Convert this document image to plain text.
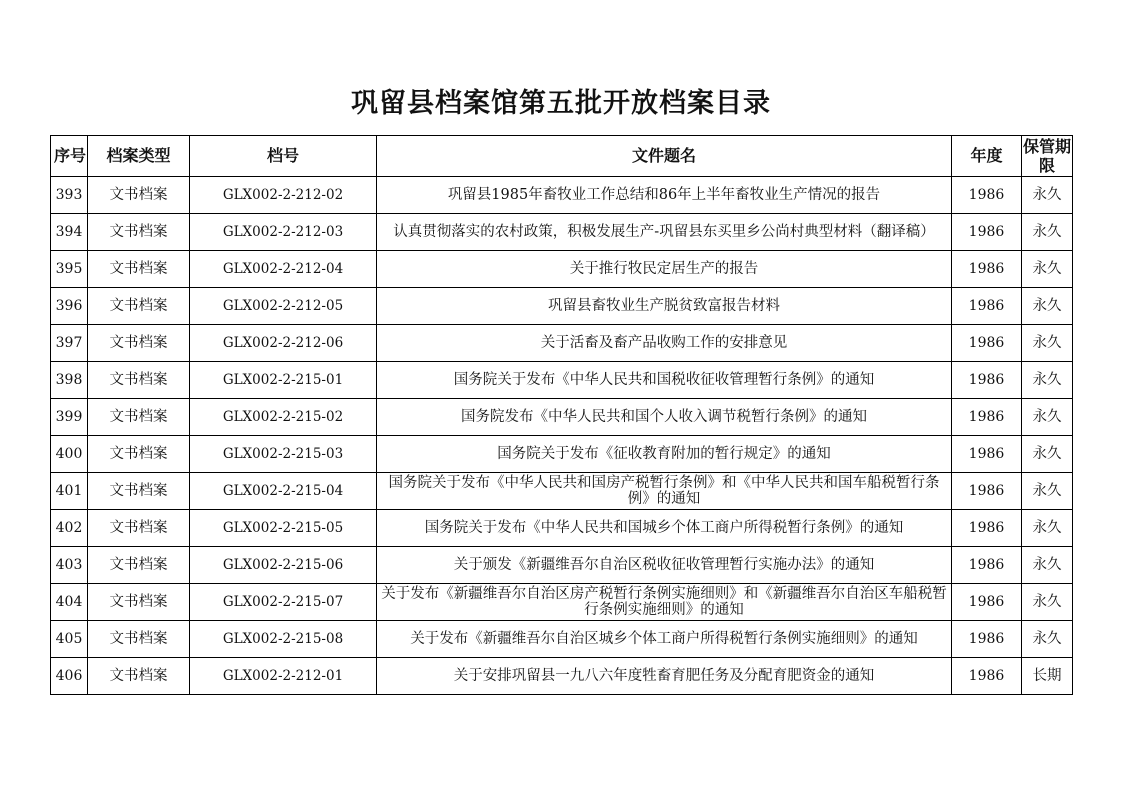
巩留县档案馆第五批开放档案目录
序号	档案类型	档号	文件题名	年度	保管期限
393	文书档案	GLX002-2-212-02	巩留县1985年畜牧业工作总结和86年上半年畜牧业生产情况的报告	1986	永久
394	文书档案	GLX002-2-212-03	认真贯彻落实的农村政策，积极发展生产-巩留县东买里乡公尚村典型材料（翻译稿）	1986	永久
395	文书档案	GLX002-2-212-04	关于推行牧民定居生产的报告	1986	永久
396	文书档案	GLX002-2-212-05	巩留县畜牧业生产脱贫致富报告材料	1986	永久
397	文书档案	GLX002-2-212-06	关于活畜及畜产品收购工作的安排意见	1986	永久
398	文书档案	GLX002-2-215-01	国务院关于发布《中华人民共和国税收征收管理暂行条例》的通知	1986	永久
399	文书档案	GLX002-2-215-02	国务院发布《中华人民共和国个人收入调节税暂行条例》的通知	1986	永久
400	文书档案	GLX002-2-215-03	国务院关于发布《征收教育附加的暂行规定》的通知	1986	永久
401	文书档案	GLX002-2-215-04	国务院关于发布《中华人民共和国房产税暂行条例》和《中华人民共和国车船税暂行条例》的通知	1986	永久
402	文书档案	GLX002-2-215-05	国务院关于发布《中华人民共和国城乡个体工商户所得税暂行条例》的通知	1986	永久
403	文书档案	GLX002-2-215-06	关于颁发《新疆维吾尔自治区税收征收管理暂行实施办法》的通知	1986	永久
404	文书档案	GLX002-2-215-07	关于发布《新疆维吾尔自治区房产税暂行条例实施细则》和《新疆维吾尔自治区车船税暂行条例实施细则》的通知	1986	永久
405	文书档案	GLX002-2-215-08	关于发布《新疆维吾尔自治区城乡个体工商户所得税暂行条例实施细则》的通知	1986	永久
406	文书档案	GLX002-2-212-01	关于安排巩留县一九八六年度牲畜育肥任务及分配育肥资金的通知	1986	长期
